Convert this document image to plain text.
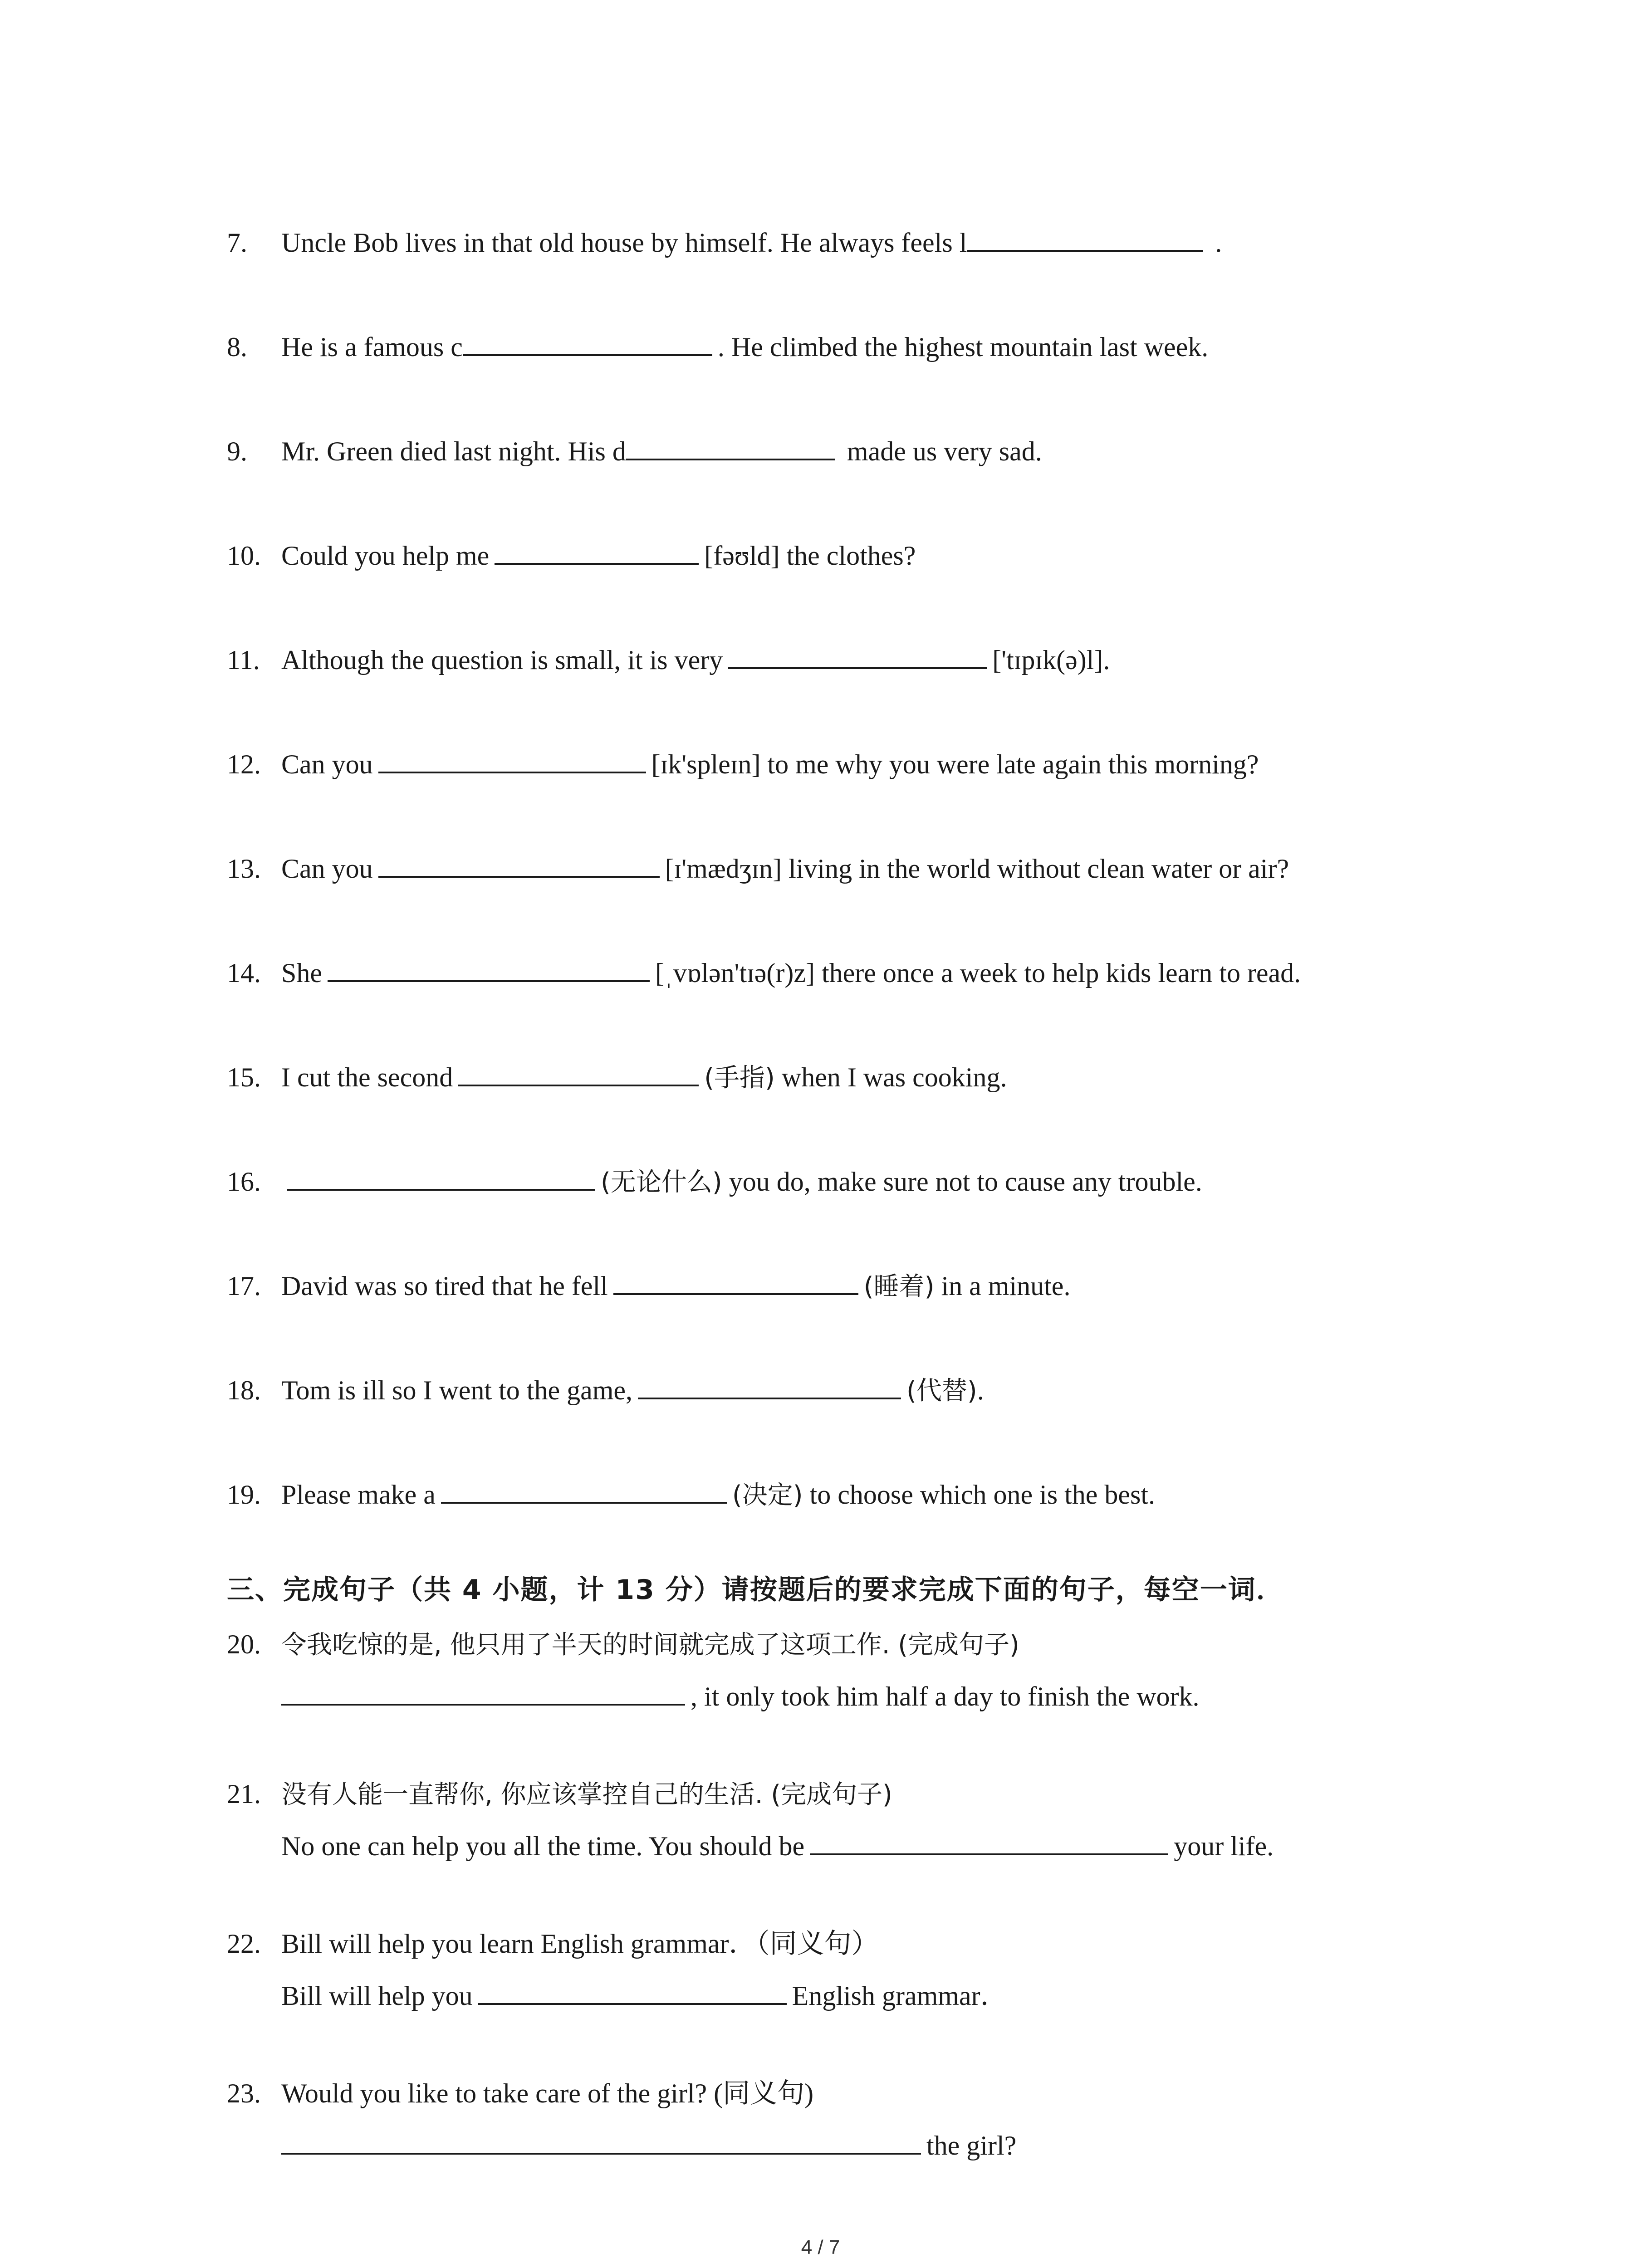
7. Uncle Bob lives in that old house by himself. He always feels l	.
8. He is a famous c	. He climbed the highest mountain last week.
9. Mr. Green died last night. His d	made us very sad.
10. Could you help me	[fəʊld] the clothes?
11. Although the question is small, it is very	['tɪpɪk(ə)l].
12. Can you	[ɪk'spleɪn] to me why you were late again this morning?
13. Can you	[ɪ'mædʒɪn] living in the world without clean water or air?
14. She	[ˌvɒlən'tɪə(r)z] there once a week to help kids learn to read.
15. I cut the second	(手指) when I was cooking.
16.	(无论什么) you do, make sure not to cause any trouble.
17. David was so tired that he fell	(睡着) in a minute.
18. Tom is ill so I went to the game,	(代替).
19. Please make a	(决定) to choose which one is the best.
三、完成句子（共 4 小题，计 13 分）请按题后的要求完成下面的句子，每空一词．
20. 令我吃惊的是, 他只用了半天的时间就完成了这项工作. (完成句子)
, it only took him half a day to finish the work.
21. 没有人能一直帮你, 你应该掌控自己的生活. (完成句子)
No one can help you all the time. You should be	your life.
22. Bill will help you learn English grammar．（同义句）
Bill will help you	English grammar．
23. Would you like to take care of the girl? (同义句)
the girl?
4 / 7
